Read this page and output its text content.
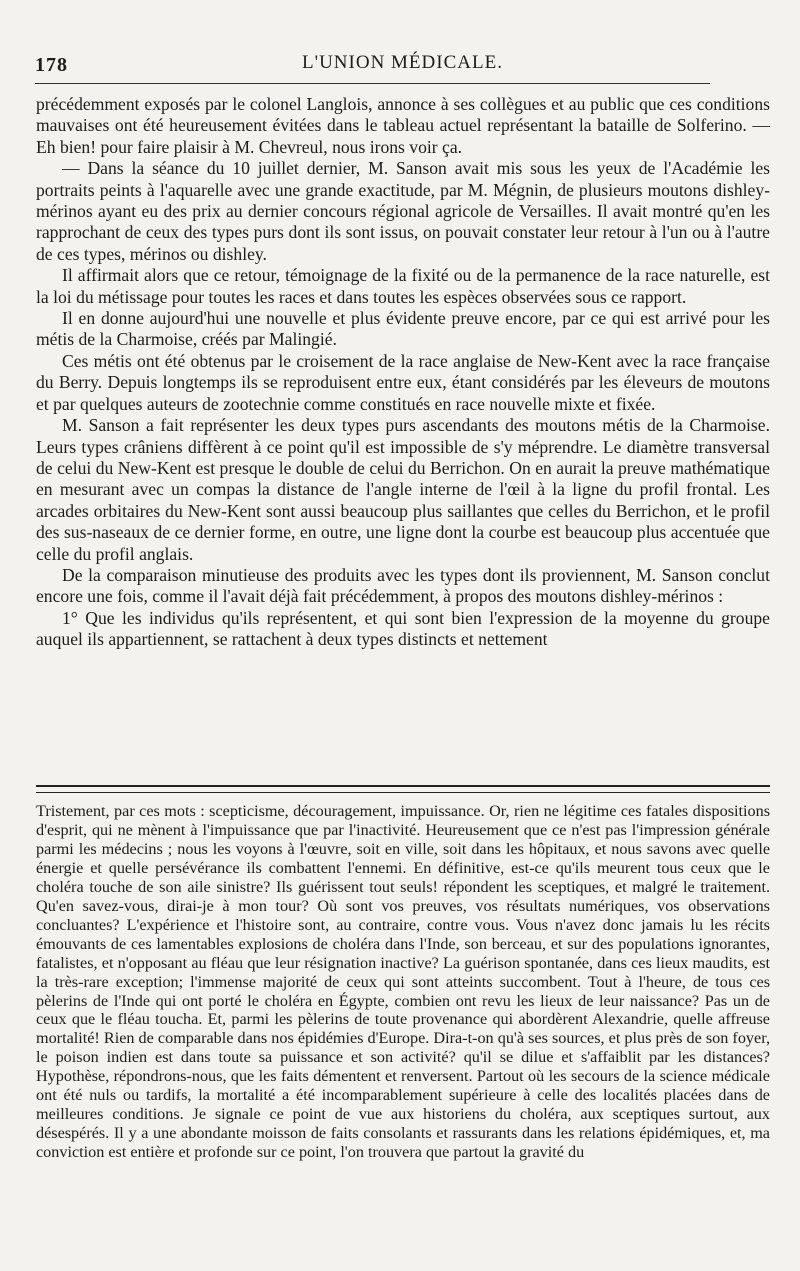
178	L'UNION MÉDICALE.

précédemment exposés par le colonel Langlois, annonce à ses collègues et au public que ces conditions mauvaises ont été heureusement évitées dans le tableau actuel représentant la bataille de Solferino. — Eh bien! pour faire plaisir à M. Chevreul, nous irons voir ça.

— Dans la séance du 10 juillet dernier, M. Sanson avait mis sous les yeux de l'Académie les portraits peints à l'aquarelle avec une grande exactitude, par M. Mégnin, de plusieurs moutons dishley-mérinos ayant eu des prix au dernier concours régional agricole de Versailles. Il avait montré qu'en les rapprochant de ceux des types purs dont ils sont issus, on pouvait constater leur retour à l'un ou à l'autre de ces types, mérinos ou dishley.

Il affirmait alors que ce retour, témoignage de la fixité ou de la permanence de la race naturelle, est la loi du métissage pour toutes les races et dans toutes les espèces observées sous ce rapport.

Il en donne aujourd'hui une nouvelle et plus évidente preuve encore, par ce qui est arrivé pour les métis de la Charmoise, créés par Malingié.

Ces métis ont été obtenus par le croisement de la race anglaise de New-Kent avec la race française du Berry. Depuis longtemps ils se reproduisent entre eux, étant considérés par les éleveurs de moutons et par quelques auteurs de zootechnie comme constitués en race nouvelle mixte et fixée.

M. Sanson a fait représenter les deux types purs ascendants des moutons métis de la Charmoise. Leurs types crâniens diffèrent à ce point qu'il est impossible de s'y méprendre. Le diamètre transversal de celui du New-Kent est presque le double de celui du Berrichon. On en aurait la preuve mathématique en mesurant avec un compas la distance de l'angle interne de l'œil à la ligne du profil frontal. Les arcades orbitaires du New-Kent sont aussi beaucoup plus saillantes que celles du Berrichon, et le profil des sus-naseaux de ce dernier forme, en outre, une ligne dont la courbe est beaucoup plus accentuée que celle du profil anglais.

De la comparaison minutieuse des produits avec les types dont ils proviennent, M. Sanson conclut encore une fois, comme il l'avait déjà fait précédemment, à propos des moutons dishley-mérinos :

1° Que les individus qu'ils représentent, et qui sont bien l'expression de la moyenne du groupe auquel ils appartiennent, se rattachent à deux types distincts et nettement

Tristement, par ces mots : scepticisme, découragement, impuissance. Or, rien ne légitime ces fatales dispositions d'esprit, qui ne mènent à l'impuissance que par l'inactivité. Heureusement que ce n'est pas l'impression générale parmi les médecins ; nous les voyons à l'œuvre, soit en ville, soit dans les hôpitaux, et nous savons avec quelle énergie et quelle persévérance ils combattent l'ennemi. En définitive, est-ce qu'ils meurent tous ceux que le choléra touche de son aile sinistre? Ils guérissent tout seuls! répondent les sceptiques, et malgré le traitement. Qu'en savez-vous, dirai-je à mon tour? Où sont vos preuves, vos résultats numériques, vos observations concluantes? L'expérience et l'histoire sont, au contraire, contre vous. Vous n'avez donc jamais lu les récits émouvants de ces lamentables explosions de choléra dans l'Inde, son berceau, et sur des populations ignorantes, fatalistes, et n'opposant au fléau que leur résignation inactive? La guérison spontanée, dans ces lieux maudits, est la très-rare exception; l'immense majorité de ceux qui sont atteints succombent. Tout à l'heure, de tous ces pèlerins de l'Inde qui ont porté le choléra en Égypte, combien ont revu les lieux de leur naissance? Pas un de ceux que le fléau toucha. Et, parmi les pèlerins de toute provenance qui abordèrent Alexandrie, quelle affreuse mortalité! Rien de comparable dans nos épidémies d'Europe. Dira-t-on qu'à ses sources, et plus près de son foyer, le poison indien est dans toute sa puissance et son activité? qu'il se dilue et s'affaiblit par les distances? Hypothèse, répondrons-nous, que les faits démentent et renversent. Partout où les secours de la science médicale ont été nuls ou tardifs, la mortalité a été incomparablement supérieure à celle des localités placées dans de meilleures conditions. Je signale ce point de vue aux historiens du choléra, aux sceptiques surtout, aux désespérés. Il y a une abondante moisson de faits consolants et rassurants dans les relations épidémiques, et, ma conviction est entière et profonde sur ce point, l'on trouvera que partout la gravité du
